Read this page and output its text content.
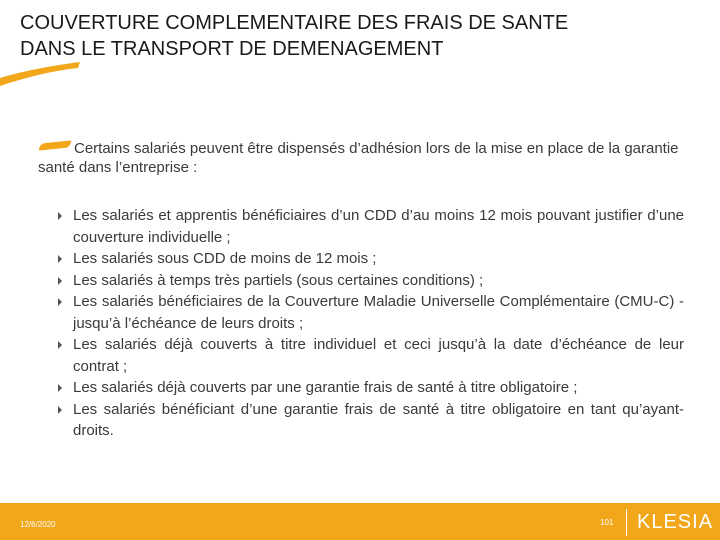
COUVERTURE COMPLEMENTAIRE DES FRAIS DE SANTE
DANS LE TRANSPORT DE DEMENAGEMENT

Certains salariés peuvent être dispensés d’adhésion lors de la mise en place de la garantie santé dans l’entreprise :

Les salariés et apprentis bénéficiaires d’un CDD d’au moins 12 mois pouvant justifier d’une couverture individuelle ;
Les salariés sous CDD de moins de 12 mois ;
Les salariés à temps très partiels (sous certaines conditions) ;
Les salariés bénéficiaires de la Couverture Maladie Universelle Complémentaire (CMU-C) - jusqu’à l’échéance de leurs droits ;
Les salariés déjà couverts à titre individuel et ceci jusqu’à la date d’échéance de leur contrat ;
Les salariés déjà couverts par une garantie frais de santé à titre obligatoire ;
Les salariés bénéficiant d’une garantie frais de santé à titre obligatoire en tant qu’ayant-droits.
12/6/2020	101 KLESIA
